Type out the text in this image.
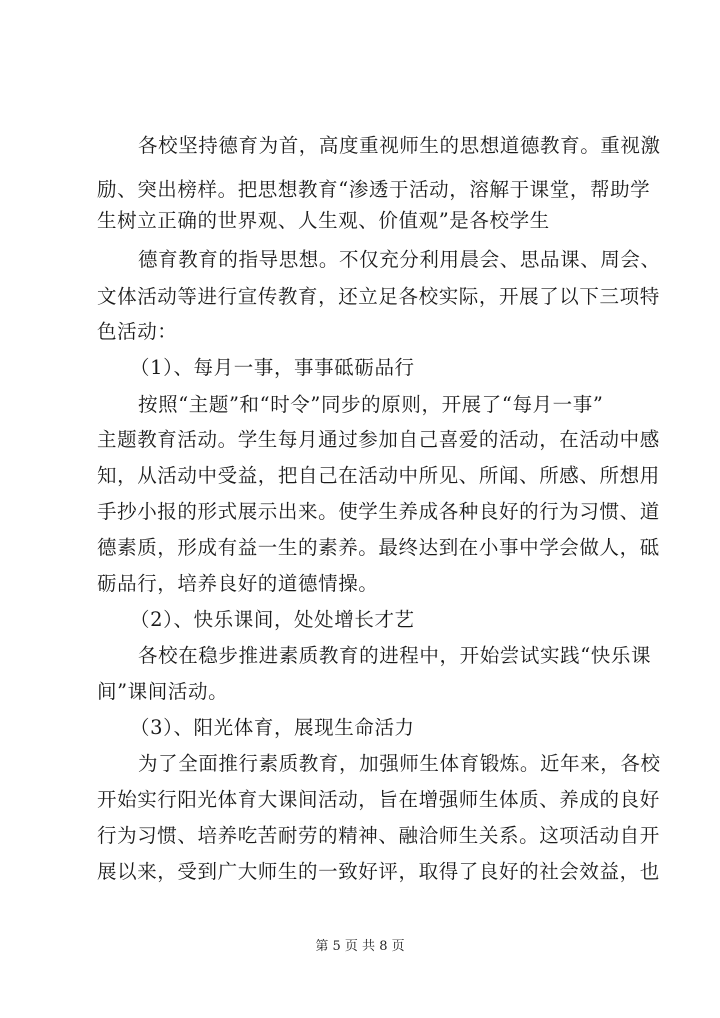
各校坚持德育为首，高度重视师生的思想道德教育。重视激
励、突出榜样。把思想教育“渗透于活动，溶解于课堂，帮助学
生树立正确的世界观、人生观、价值观”是各校学生
德育教育的指导思想。不仅充分利用晨会、思品课、周会、
文体活动等进行宣传教育，还立足各校实际，开展了以下三项特
色活动：
（1）、每月一事，事事砥砺品行
按照“主题”和“时令”同步的原则，开展了“每月一事”
主题教育活动。学生每月通过参加自己喜爱的活动，在活动中感
知，从活动中受益，把自己在活动中所见、所闻、所感、所想用
手抄小报的形式展示出来。使学生养成各种良好的行为习惯、道
德素质，形成有益一生的素养。最终达到在小事中学会做人，砥
砺品行，培养良好的道德情操。
（2）、快乐课间，处处增长才艺
各校在稳步推进素质教育的进程中，开始尝试实践“快乐课
间”课间活动。
（3）、阳光体育，展现生命活力
为了全面推行素质教育，加强师生体育锻炼。近年来，各校
开始实行阳光体育大课间活动，旨在增强师生体质、养成的良好
行为习惯、培养吃苦耐劳的精神、融洽师生关系。这项活动自开
展以来，受到广大师生的一致好评，取得了良好的社会效益，也
第 5 页 共 8 页
